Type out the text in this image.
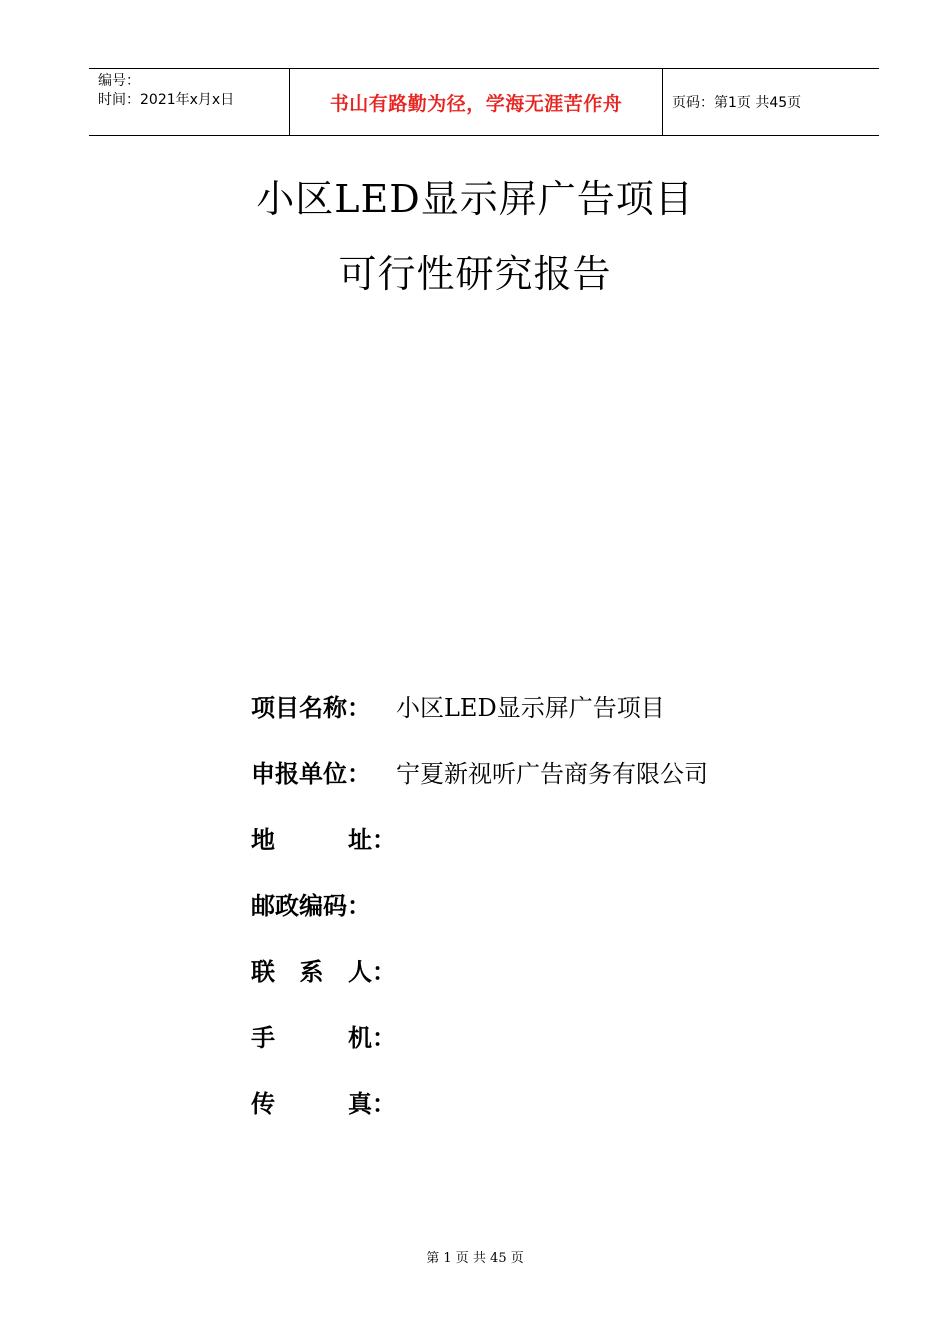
编号：
时间：2021年x月x日	书山有路勤为径，学海无涯苦作舟	页码：第1页 共45页
小区LED显示屏广告项目
可行性研究报告
项目名称：	小区LED显示屏广告项目
申报单位：	宁夏新视听广告商务有限公司
地	址：
邮政编码：
联 系 人：
手	机：
传	真：
第 1 页 共 45 页
